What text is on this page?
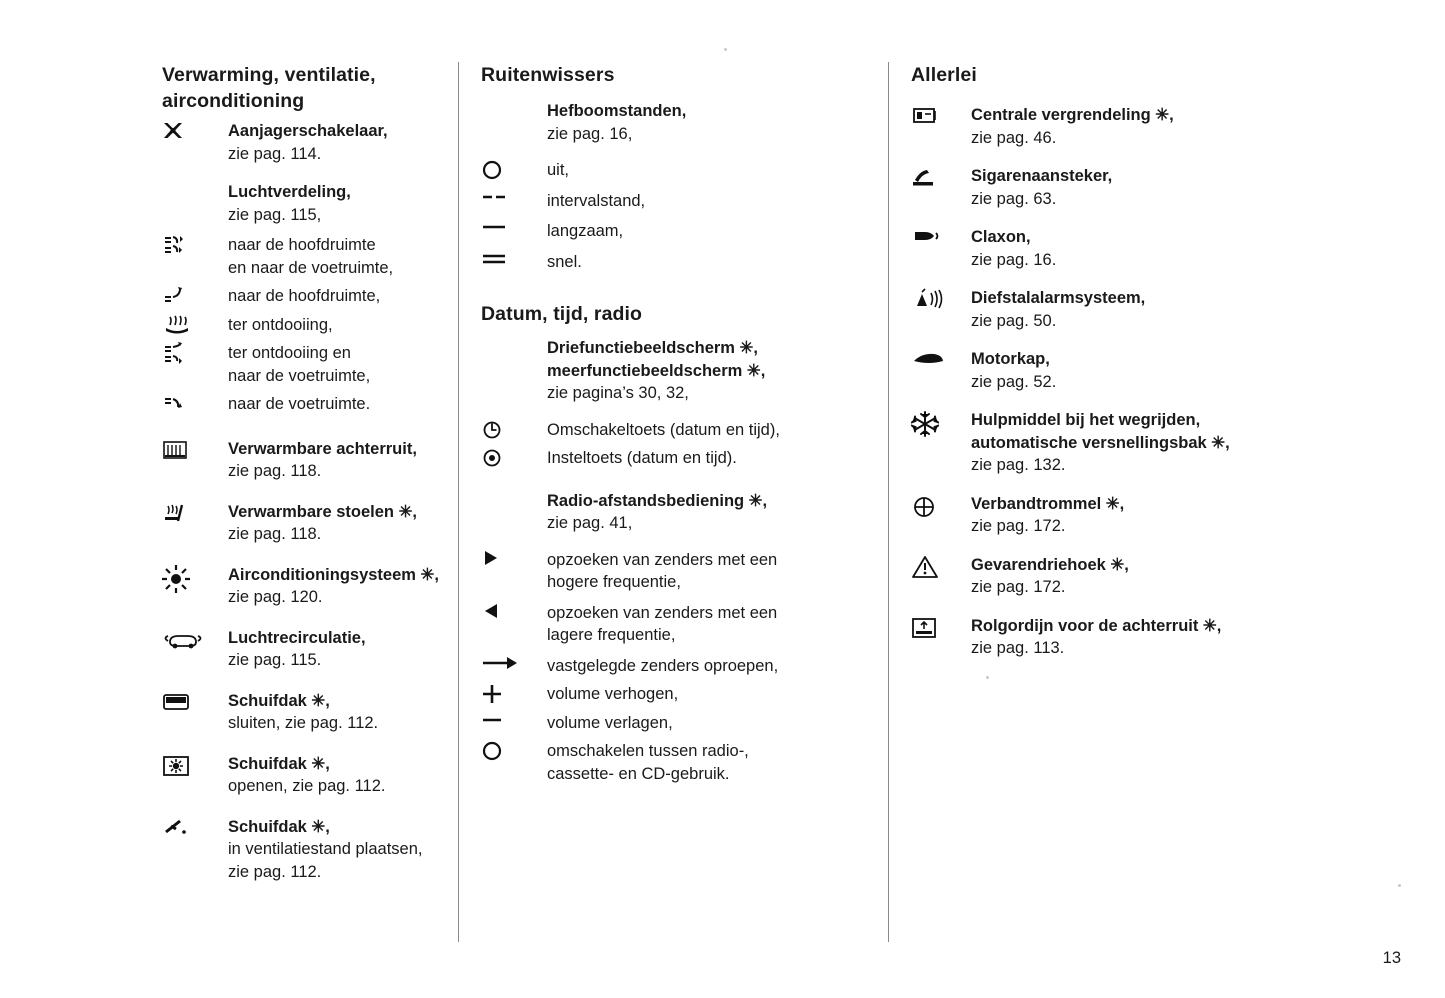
Verwarming, ventilatie, airconditioning
Aanjagerschakelaar,
zie pag. 114.
Luchtverdeling,
zie pag. 115,
naar de hoofdruimte
en naar de voetruimte,
naar de hoofdruimte,
ter ontdooiing,
ter ontdooiing en
naar de voetruimte,
naar de voetruimte.
Verwarmbare achterruit,
zie pag. 118.
Verwarmbare stoelen ✳,
zie pag. 118.
Airconditioningsysteem ✳,
zie pag. 120.
Luchtrecirculatie,
zie pag. 115.
Schuifdak ✳,
sluiten, zie pag. 112.
Schuifdak ✳,
openen, zie pag. 112.
Schuifdak ✳,
in ventilatiestand plaatsen,
zie pag. 112.
Ruitenwissers
Hefboomstanden,
zie pag. 16,
uit,
intervalstand,
langzaam,
snel.
Datum, tijd, radio
Driefunctiebeeldscherm ✳,
meerfunctiebeeldscherm ✳,
zie pagina’s 30, 32,
Omschakeltoets (datum en tijd),
Insteltoets (datum en tijd).
Radio-afstandsbediening ✳,
zie pag. 41,
opzoeken van zenders met een
hogere frequentie,
opzoeken van zenders met een
lagere frequentie,
vastgelegde zenders oproepen,
volume verhogen,
volume verlagen,
omschakelen tussen radio-,
cassette- en CD-gebruik.
Allerlei
Centrale vergrendeling ✳,
zie pag. 46.
Sigarenaansteker,
zie pag. 63.
Claxon,
zie pag. 16.
Diefstalalarmsysteem,
zie pag. 50.
Motorkap,
zie pag. 52.
Hulpmiddel bij het wegrijden,
automatische versnellingsbak ✳,
zie pag. 132.
Verbandtrommel ✳,
zie pag. 172.
Gevarendriehoek ✳,
zie pag. 172.
Rolgordijn voor de achterruit ✳,
zie pag. 113.
13
